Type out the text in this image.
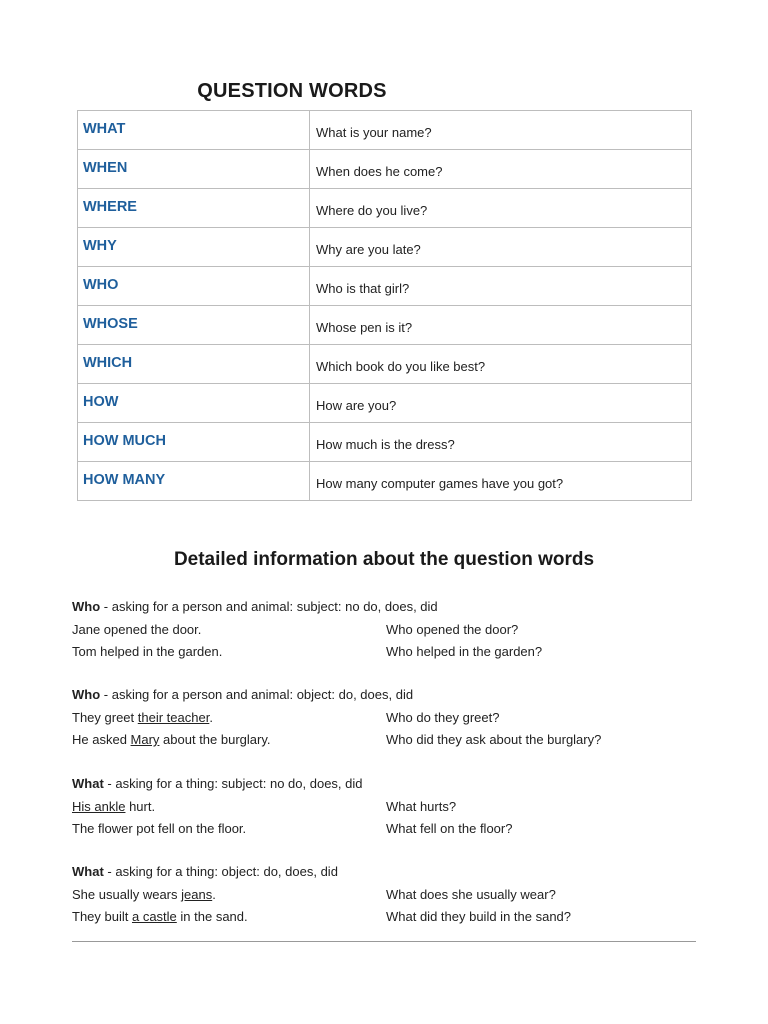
QUESTION WORDS
WHAT	What is your name?
WHEN	When does he come?
WHERE	Where do you live?
WHY	Why are you late?
WHO	Who is that girl?
WHOSE	Whose pen is it?
WHICH	Which book do you like best?
HOW	How are you?
HOW MUCH	How much is the dress?
HOW MANY	How many computer games have you got?
Detailed information about the question words
Who - asking for a person and animal: subject: no do, does, did
Jane opened the door.	Who opened the door?
Tom helped in the garden.	Who helped in the garden?
Who - asking for a person and animal: object: do, does, did
They greet their teacher.	Who do they greet?
He asked Mary about the burglary.	Who did they ask about the burglary?
What - asking for a thing: subject: no do, does, did
His ankle hurt.	What hurts?
The flower pot fell on the floor.	What fell on the floor?
What - asking for a thing: object: do, does, did
She usually wears jeans.	What does she usually wear?
They built a castle in the sand.	What did they build in the sand?
